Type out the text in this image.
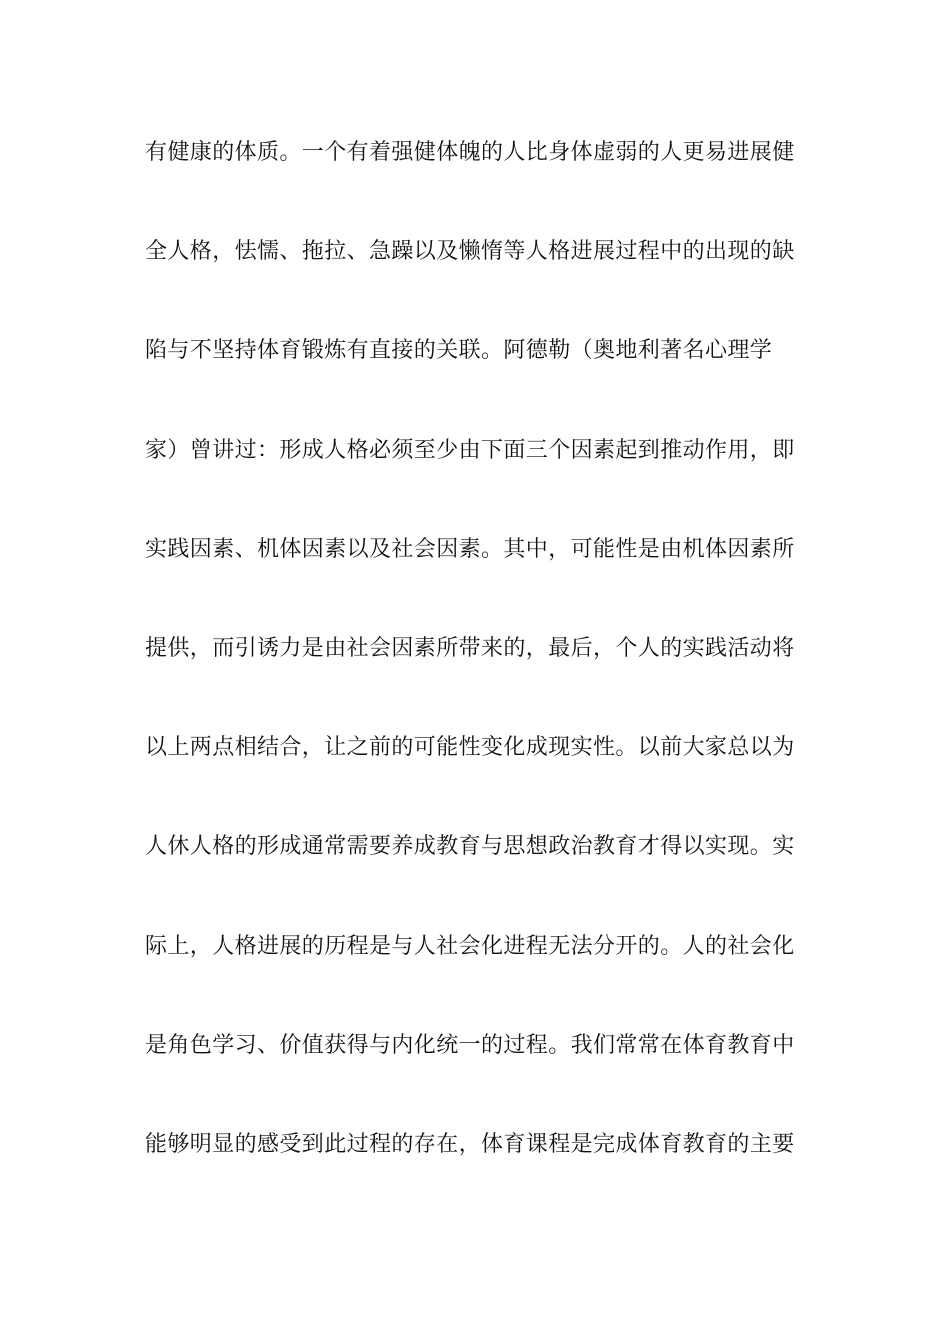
有健康的体质。一个有着强健体魄的人比身体虚弱的人更易进展健
全人格，怯懦、拖拉、急躁以及懒惰等人格进展过程中的出现的缺
陷与不坚持体育锻炼有直接的关联。阿德勒（奥地利著名心理学
家）曾讲过：形成人格必须至少由下面三个因素起到推动作用，即
实践因素、机体因素以及社会因素。其中，可能性是由机体因素所
提供，而引诱力是由社会因素所带来的，最后，个人的实践活动将
以上两点相结合，让之前的可能性变化成现实性。以前大家总以为
人休人格的形成通常需要养成教育与思想政治教育才得以实现。实
际上，人格进展的历程是与人社会化进程无法分开的。人的社会化
是角色学习、价值获得与内化统一的过程。我们常常在体育教育中
能够明显的感受到此过程的存在，体育课程是完成体育教育的主要
